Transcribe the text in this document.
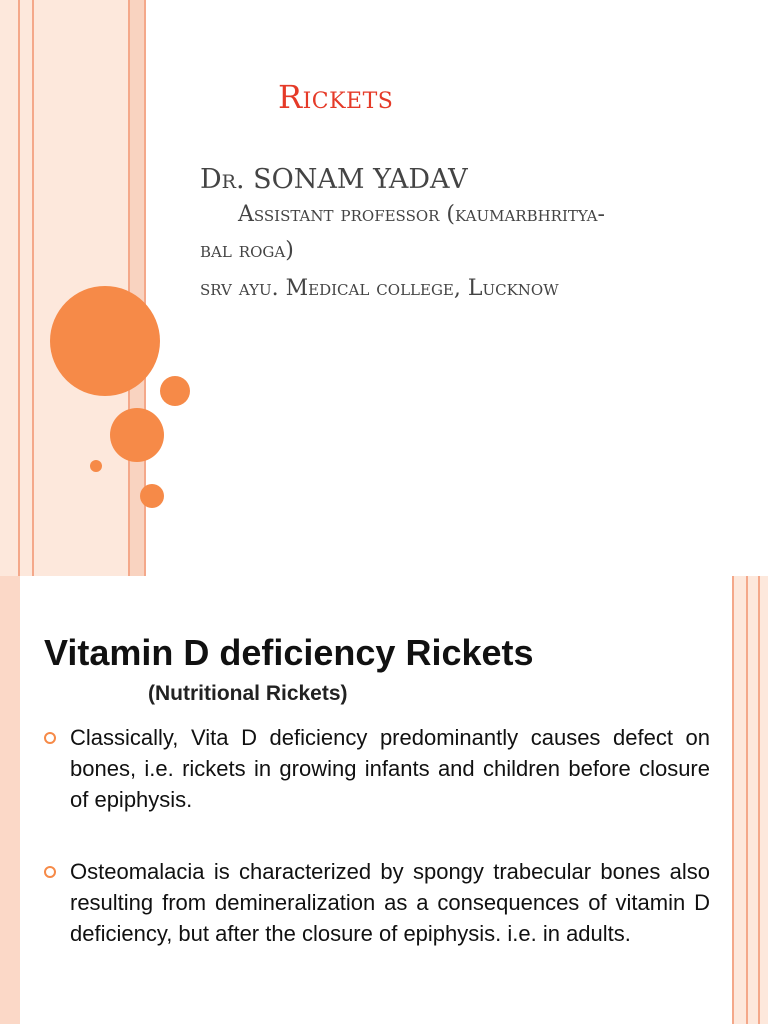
Rickets
Dr. SONAM YADAV
Assistant professor (kaumarbhritya-
bal roga)
srv ayu. Medical college, Lucknow
Vitamin D deficiency Rickets
(Nutritional Rickets)
Classically, Vita D deficiency predominantly causes defect on bones, i.e. rickets in growing infants and children before closure of epiphysis.
Osteomalacia is characterized by spongy trabecular bones also resulting from demineralization as a consequences of vitamin D deficiency, but after the closure of epiphysis. i.e. in adults.
